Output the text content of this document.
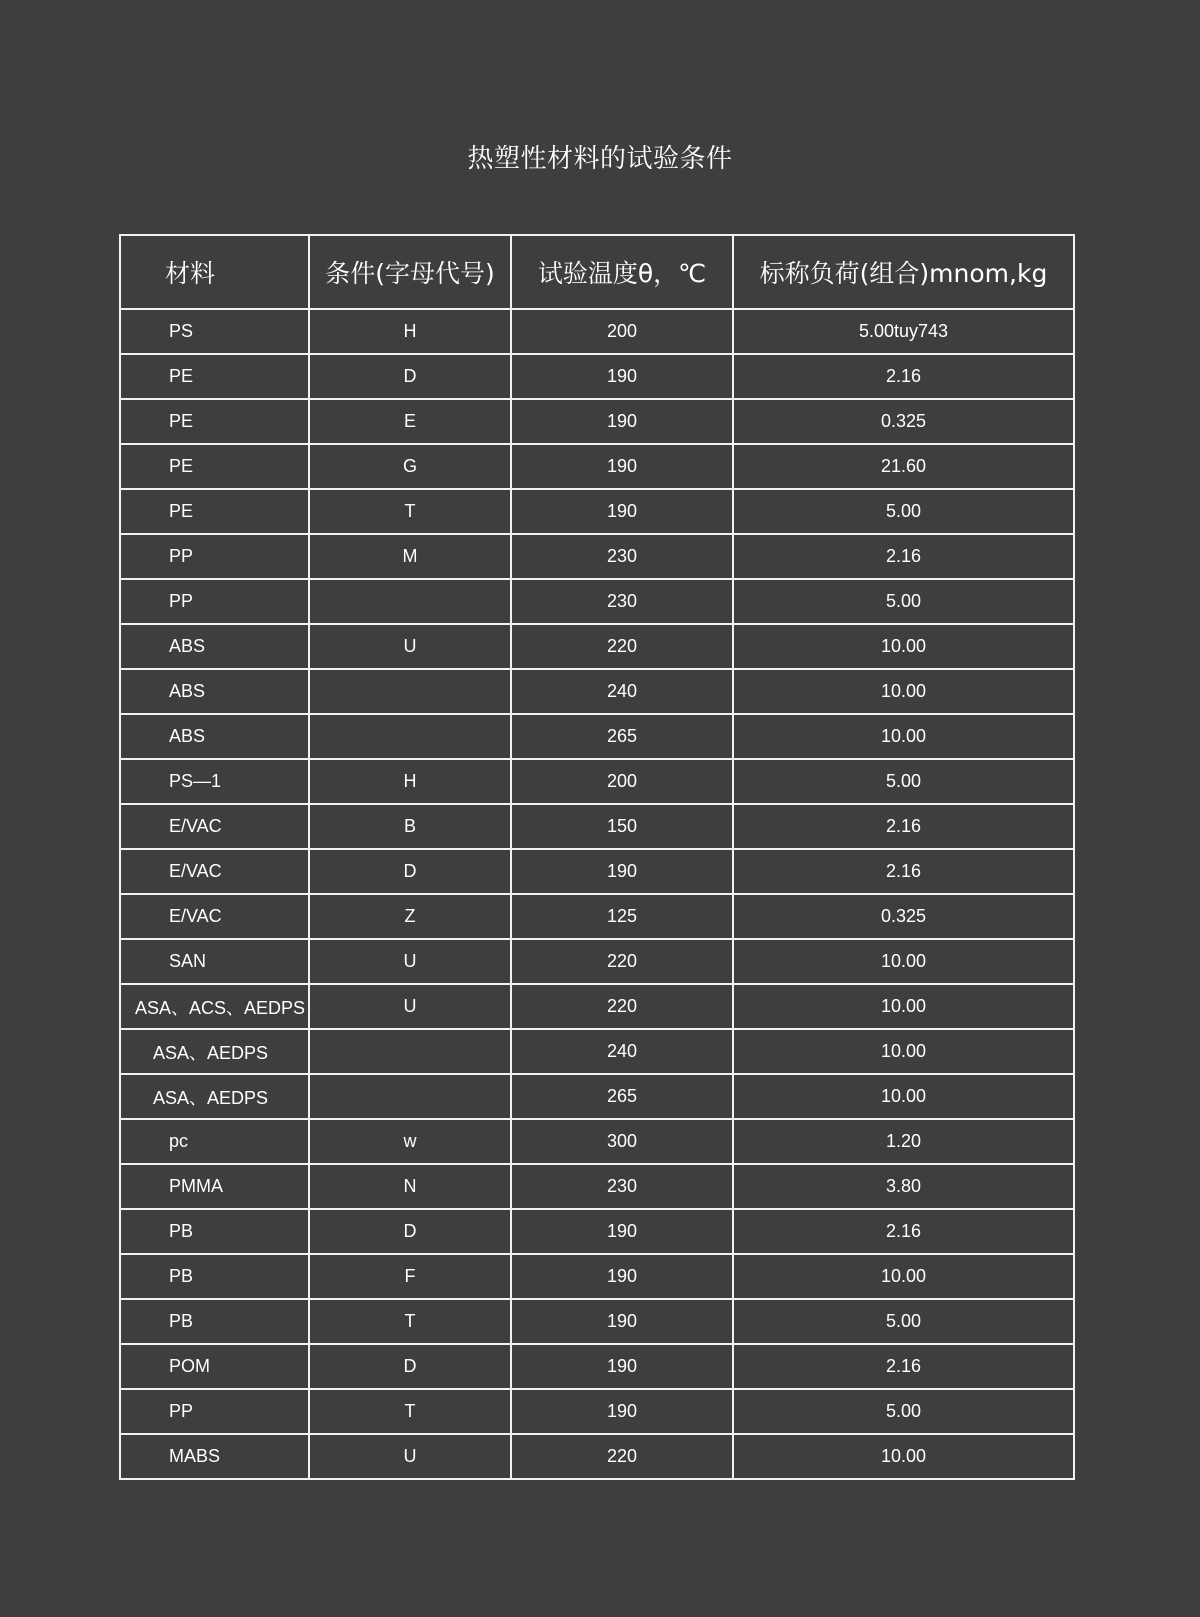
热塑性材料的试验条件
材料	条件(字母代号)	试验温度θ，℃	标称负荷(组合)mnom,kg
PS	H	200	5.00tuy743
PE	D	190	2.16
PE	E	190	0.325
PE	G	190	21.60
PE	T	190	5.00
PP	M	230	2.16
PP		230	5.00
ABS	U	220	10.00
ABS		240	10.00
ABS		265	10.00
PS—1	H	200	5.00
E/VAC	B	150	2.16
E/VAC	D	190	2.16
E/VAC	Z	125	0.325
SAN	U	220	10.00
ASA、ACS、AEDPS	U	220	10.00
ASA、AEDPS		240	10.00
ASA、AEDPS		265	10.00
pc	w	300	1.20
PMMA	N	230	3.80
PB	D	190	2.16
PB	F	190	10.00
PB	T	190	5.00
POM	D	190	2.16
PP	T	190	5.00
MABS	U	220	10.00
